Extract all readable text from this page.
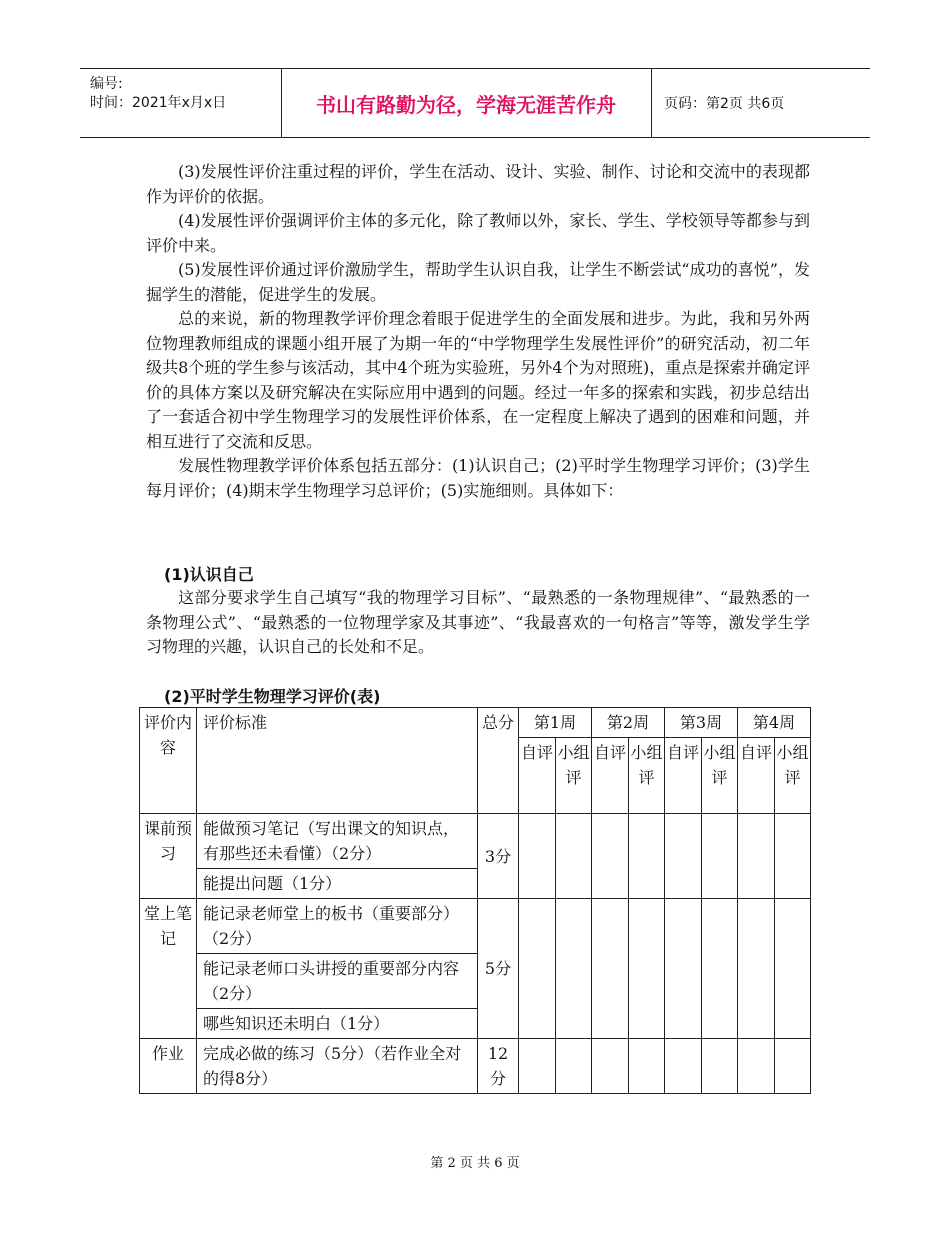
编号:
时间：2021年x月x日	书山有路勤为径，学海无涯苦作舟	页码：第2页 共6页

(3)发展性评价注重过程的评价，学生在活动、设计、实验、制作、讨论和交流中的表现都作为评价的依据。

(4)发展性评价强调评价主体的多元化，除了教师以外，家长、学生、学校领导等都参与到评价中来。

(5)发展性评价通过评价激励学生，帮助学生认识自我，让学生不断尝试“成功的喜悦”，发掘学生的潜能，促进学生的发展。

总的来说，新的物理教学评价理念着眼于促进学生的全面发展和进步。为此，我和另外两位物理教师组成的课题小组开展了为期一年的“中学物理学生发展性评价”的研究活动，初二年级共8个班的学生参与该活动，其中4个班为实验班，另外4个为对照班)，重点是探索并确定评价的具体方案以及研究解决在实际应用中遇到的问题。经过一年多的探索和实践，初步总结出了一套适合初中学生物理学习的发展性评价体系，在一定程度上解决了遇到的困难和问题，并相互进行了交流和反思。

发展性物理教学评价体系包括五部分：(1)认识自己；(2)平时学生物理学习评价；(3)学生每月评价；(4)期末学生物理学习总评价；(5)实施细则。具体如下：

(1)认识自己

这部分要求学生自己填写“我的物理学习目标”、“最熟悉的一条物理规律”、“最熟悉的一条物理公式”、“最熟悉的一位物理学家及其事迹”、“我最喜欢的一句格言”等等，激发学生学习物理的兴趣，认识自己的长处和不足。

(2)平时学生物理学习评价(表)
评价内容	评价标准	总分	第1周		第2周		第3周		第4周	
			自评	小组评	自评	小组评	自评	小组评	自评	小组评
课前预习	能做预习笔记（写出课文的知识点，有那些还未看懂）（2分）	3分								
	能提出问题（1分）									
堂上笔记	能记录老师堂上的板书（重要部分）（2分）	5分								
	能记录老师口头讲授的重要部分内容（2分）									
	哪些知识还未明白（1分）									
作业	完成必做的练习（5分）（若作业全对的得8分）	12分								
第 2 页 共 6 页
